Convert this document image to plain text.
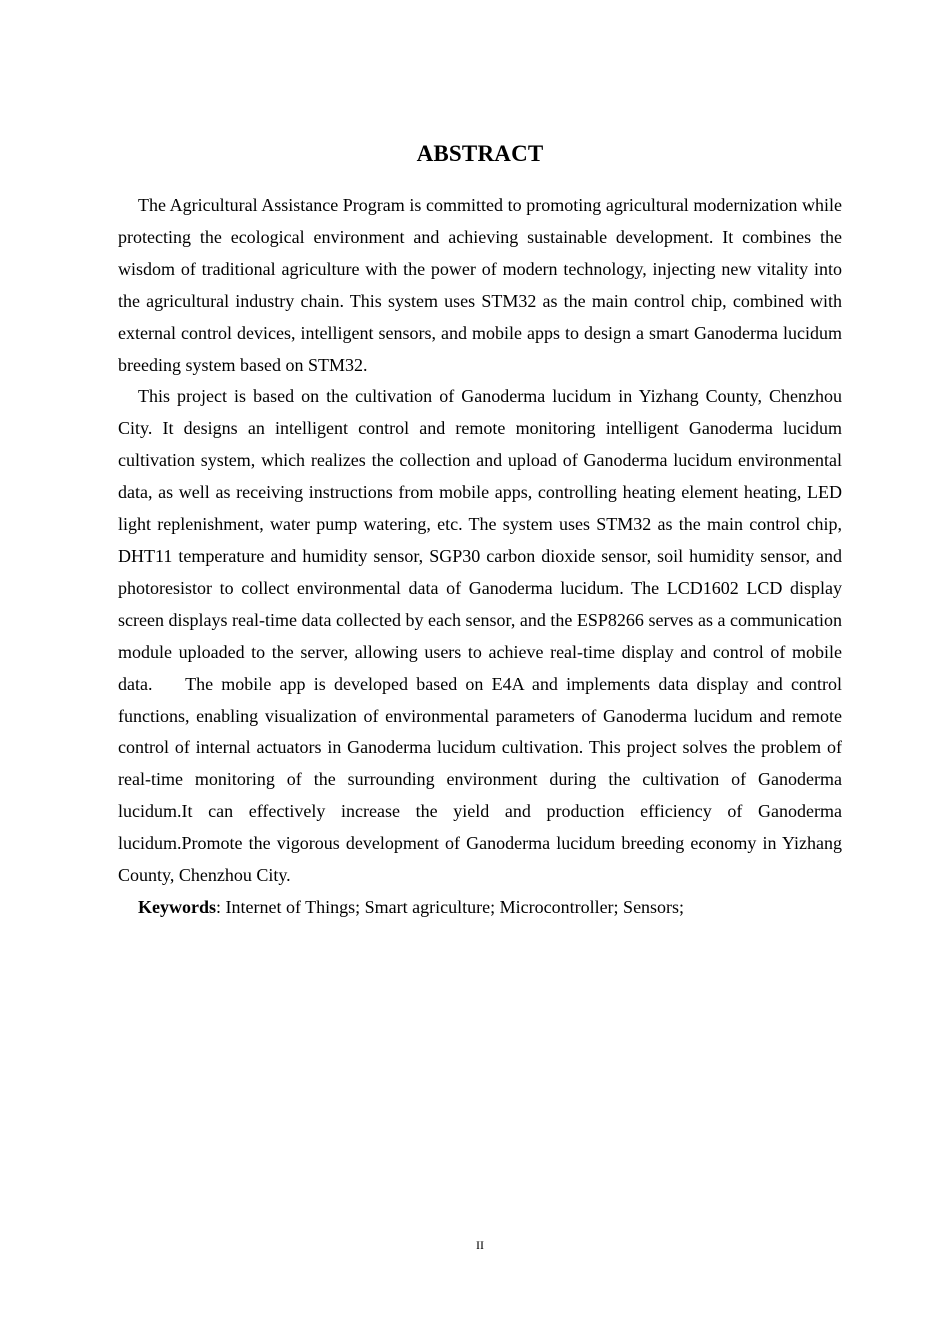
ABSTRACT

The Agricultural Assistance Program is committed to promoting agricultural modernization while protecting the ecological environment and achieving sustainable development. It combines the wisdom of traditional agriculture with the power of modern technology, injecting new vitality into the agricultural industry chain. This system uses STM32 as the main control chip, combined with external control devices, intelligent sensors, and mobile apps to design a smart Ganoderma lucidum breeding system based on STM32.

This project is based on the cultivation of Ganoderma lucidum in Yizhang County, Chenzhou City. It designs an intelligent control and remote monitoring intelligent Ganoderma lucidum cultivation system, which realizes the collection and upload of Ganoderma lucidum environmental data, as well as receiving instructions from mobile apps, controlling heating element heating, LED light replenishment, water pump watering, etc. The system uses STM32 as the main control chip, DHT11 temperature and humidity sensor, SGP30 carbon dioxide sensor, soil humidity sensor, and photoresistor to collect environmental data of Ganoderma lucidum. The LCD1602 LCD display screen displays real-time data collected by each sensor, and the ESP8266 serves as a communication module uploaded to the server, allowing users to achieve real-time display and control of mobile data.    The mobile app is developed based on E4A and implements data display and control functions, enabling visualization of environmental parameters of Ganoderma lucidum and remote control of internal actuators in Ganoderma lucidum cultivation. This project solves the problem of real-time monitoring of the surrounding environment during the cultivation of Ganoderma lucidum.It can effectively increase the yield and production efficiency of Ganoderma lucidum.Promote the vigorous development of Ganoderma lucidum breeding economy in Yizhang County, Chenzhou City.

Keywords: Internet of Things; Smart agriculture; Microcontroller; Sensors;

II
